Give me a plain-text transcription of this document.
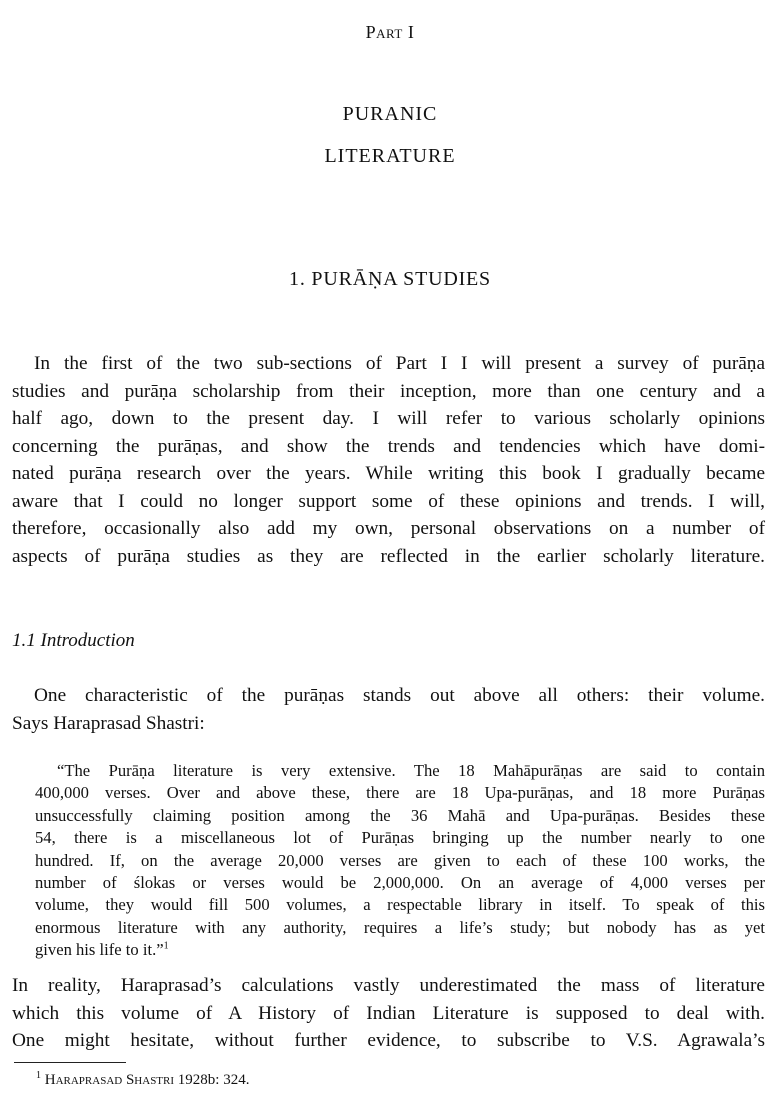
Part I
PURANIC
LITERATURE
1. PURĀṆA STUDIES
In the first of the two sub-sections of Part I I will present a survey of purāṇa
studies and purāṇa scholarship from their inception, more than one century and a
half ago, down to the present day. I will refer to various scholarly opinions
concerning the purāṇas, and show the trends and tendencies which have domi-
nated purāṇa research over the years. While writing this book I gradually became
aware that I could no longer support some of these opinions and trends. I will,
therefore, occasionally also add my own, personal observations on a number of
aspects of purāṇa studies as they are reflected in the earlier scholarly literature.
1.1 Introduction
One characteristic of the purāṇas stands out above all others: their volume.
Says Haraprasad Shastri:
“The Purāṇa literature is very extensive. The 18 Mahāpurāṇas are said to contain
400,000 verses. Over and above these, there are 18 Upa-purāṇas, and 18 more Purāṇas
unsuccessfully claiming position among the 36 Mahā and Upa-purāṇas. Besides these
54, there is a miscellaneous lot of Purāṇas bringing up the number nearly to one
hundred. If, on the average 20,000 verses are given to each of these 100 works, the
number of ślokas or verses would be 2,000,000. On an average of 4,000 verses per
volume, they would fill 500 volumes, a respectable library in itself. To speak of this
enormous literature with any authority, requires a life’s study; but nobody has as yet
given his life to it.”$^1$
In reality, Haraprasad’s calculations vastly underestimated the mass of literature
which this volume of A History of Indian Literature is supposed to deal with.
One might hesitate, without further evidence, to subscribe to V.S. Agrawala’s
$^1$ Haraprasad Shastri 1928b: 324.
